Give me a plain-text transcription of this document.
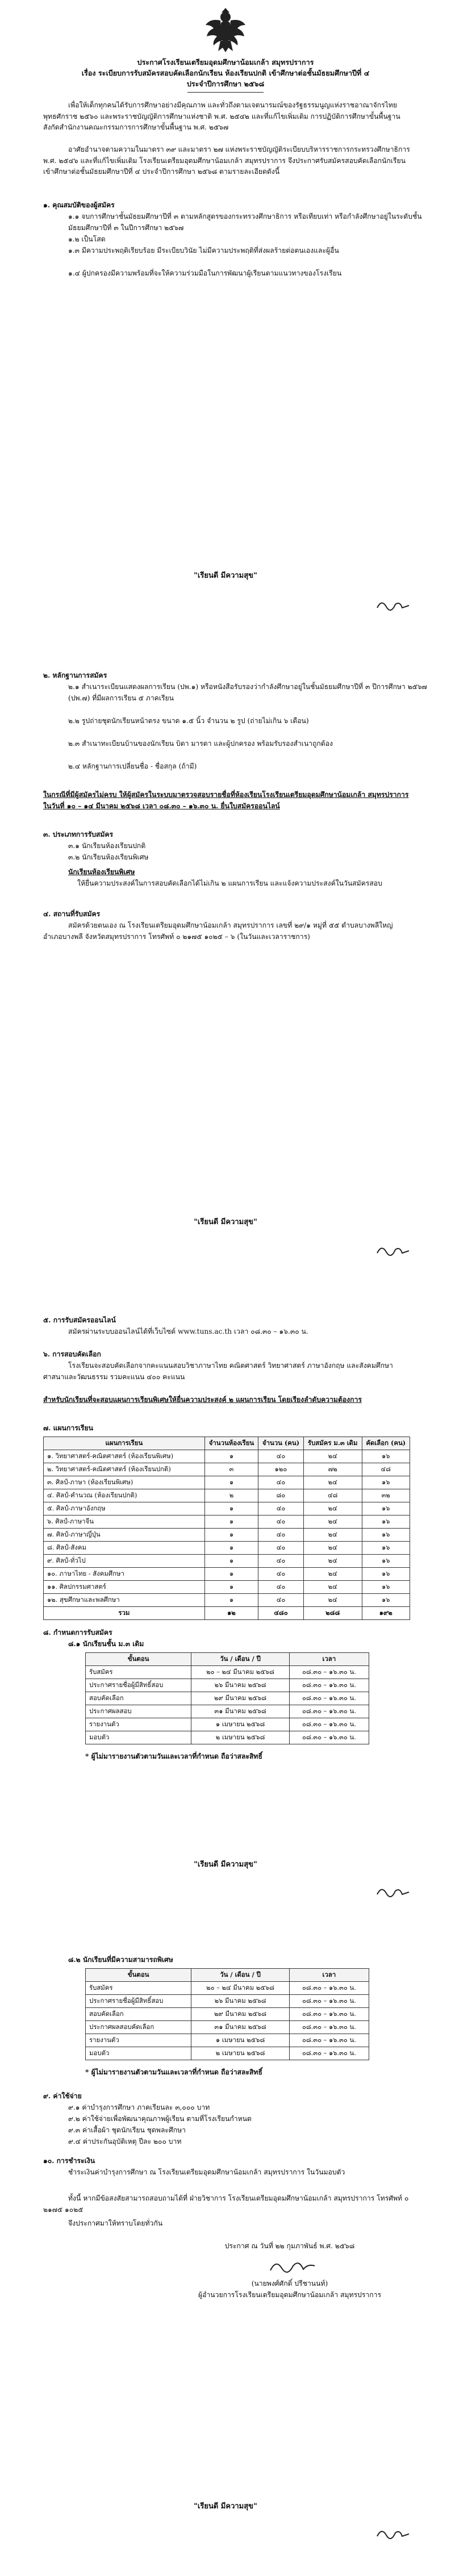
ประกาศโรงเรียนเตรียมอุดมศึกษาน้อมเกล้า สมุทรปราการ
เรื่อง ระเบียบการรับสมัครสอบคัดเลือกนักเรียน ห้องเรียนปกติ เข้าศึกษาต่อชั้นมัธยมศึกษาปีที่ ๔
ประจำปีการศึกษา ๒๕๖๘
เพื่อให้เด็กทุกคนได้รับการศึกษาอย่างมีคุณภาพ และทั่วถึงตามเจตนารมณ์ของรัฐธรรมนูญแห่งราชอาณาจักรไทย พุทธศักราช ๒๕๖๐ และพระราชบัญญัติการศึกษาแห่งชาติ พ.ศ. ๒๕๔๒ และที่แก้ไขเพิ่มเติม การปฏิบัติการศึกษาขั้นพื้นฐานสังกัดสำนักงานคณะกรรมการการศึกษาขั้นพื้นฐาน พ.ศ. ๒๕๖๗
อาศัยอำนาจตามความในมาตรา ๓๙ และมาตรา ๒๗ แห่งพระราชบัญญัติระเบียบบริหารราชการกระทรวงศึกษาธิการ พ.ศ. ๒๕๔๖ และที่แก้ไขเพิ่มเติม โรงเรียนเตรียมอุดมศึกษาน้อมเกล้า สมุทรปราการ จึงประกาศรับสมัครสอบคัดเลือกนักเรียนเข้าศึกษาต่อชั้นมัธยมศึกษาปีที่ ๔ ประจำปีการศึกษา ๒๕๖๘ ตามรายละเอียดดังนี้
๑. คุณสมบัติของผู้สมัคร
๑.๑ จบการศึกษาชั้นมัธยมศึกษาปีที่ ๓ ตามหลักสูตรของกระทรวงศึกษาธิการ หรือเทียบเท่า หรือกำลังศึกษาอยู่ในระดับชั้นมัธยมศึกษาปีที่ ๓ ในปีการศึกษา ๒๕๖๗
๑.๒ เป็นโสด
๑.๓ มีความประพฤติเรียบร้อย มีระเบียบวินัย ไม่มีความประพฤติที่ส่งผลร้ายต่อตนเองและผู้อื่น
๑.๔ ผู้ปกครองมีความพร้อมที่จะให้ความร่วมมือในการพัฒนาผู้เรียนตามแนวทางของโรงเรียน
"เรียนดี มีความสุข"
๒. หลักฐานการสมัคร
๒.๑ สำเนาระเบียนแสดงผลการเรียน (ปพ.๑) หรือหนังสือรับรองว่ากำลังศึกษาอยู่ในชั้นมัธยมศึกษาปีที่ ๓ ปีการศึกษา ๒๕๖๗ (ปพ.๗) ที่มีผลการเรียน ๕ ภาคเรียน
๒.๒ รูปถ่ายชุดนักเรียนหน้าตรง ขนาด ๑.๕ นิ้ว จำนวน ๒ รูป (ถ่ายไม่เกิน ๖ เดือน)
๒.๓ สำเนาทะเบียนบ้านของนักเรียน บิดา มารดา และผู้ปกครอง พร้อมรับรองสำเนาถูกต้อง
๒.๔ หลักฐานการเปลี่ยนชื่อ - ชื่อสกุล (ถ้ามี)
ในกรณีที่มีผู้สมัครไม่ครบ ให้ผู้สมัครในระบบมาตรวจสอบรายชื่อที่ห้องเรียนโรงเรียนเตรียมอุดมศึกษาน้อมเกล้า สมุทรปราการ ในวันที่ ๑๐ – ๑๔ มีนาคม ๒๕๖๘ เวลา ๐๘.๓๐ – ๑๖.๓๐ น. ยื่นใบสมัครออนไลน์
๓. ประเภทการรับสมัคร
๓.๑ นักเรียนห้องเรียนปกติ
๓.๒ นักเรียนห้องเรียนพิเศษ
นักเรียนห้องเรียนพิเศษ
ให้ยื่นความประสงค์ในการสอบคัดเลือกได้ไม่เกิน ๒ แผนการเรียน และแจ้งความประสงค์ในวันสมัครสอบ
๔. สถานที่รับสมัคร
สมัครด้วยตนเอง ณ โรงเรียนเตรียมอุดมศึกษาน้อมเกล้า สมุทรปราการ เลขที่ ๒๙/๑ หมู่ที่ ๕๕ ตำบลบางพลีใหญ่ อำเภอบางพลี จังหวัดสมุทรปราการ โทรศัพท์ ๐ ๒๑๗๕ ๑๐๒๕ – ๖ (ในวันและเวลาราชการ)
"เรียนดี มีความสุข"
๕. การรับสมัครออนไลน์
สมัครผ่านระบบออนไลน์ได้ที่เว็บไซต์ www.tuns.ac.th เวลา ๐๘.๓๐ – ๑๖.๓๐ น.
๖. การสอบคัดเลือก
โรงเรียนจะสอบคัดเลือกจากคะแนนสอบวิชาภาษาไทย คณิตศาสตร์ วิทยาศาสตร์ ภาษาอังกฤษ และสังคมศึกษา ศาสนาและวัฒนธรรม รวมคะแนน ๔๐๐ คะแนน
สำหรับนักเรียนที่จะสอบแผนการเรียนพิเศษให้ยื่นความประสงค์ ๒ แผนการเรียน โดยเรียงลำดับความต้องการ
๗. แผนการเรียน
แผนการเรียน	จำนวนห้องเรียน	จำนวน (คน)	รับสมัคร ม.๓ เดิม	คัดเลือก (คน)
๑. วิทยาศาสตร์-คณิตศาสตร์ (ห้องเรียนพิเศษ)	๑	๔๐	๒๔	๑๖
๒. วิทยาศาสตร์-คณิตศาสตร์ (ห้องเรียนปกติ)	๓	๑๒๐	๗๒	๔๘
๓. ศิลป์-ภาษา (ห้องเรียนพิเศษ)	๑	๔๐	๒๔	๑๖
๔. ศิลป์-คำนวณ (ห้องเรียนปกติ)	๒	๘๐	๔๘	๓๒
๕. ศิลป์-ภาษาอังกฤษ	๑	๔๐	๒๔	๑๖
๖. ศิลป์-ภาษาจีน	๑	๔๐	๒๔	๑๖
๗. ศิลป์-ภาษาญี่ปุ่น	๑	๔๐	๒๔	๑๖
๘. ศิลป์-สังคม	๑	๔๐	๒๔	๑๖
๙. ศิลป์-ทั่วไป	๑	๔๐	๒๔	๑๖
๑๐. ภาษาไทย - สังคมศึกษา	๑	๔๐	๒๔	๑๖
๑๑. ศิลปกรรมศาสตร์	๑	๔๐	๒๔	๑๖
๑๒. สุขศึกษาและพลศึกษา	๑	๔๐	๒๔	๑๖
รวม	๑๒	๔๘๐	๒๘๘	๑๙๒
๘. กำหนดการรับสมัคร
๘.๑ นักเรียนชั้น ม.๓ เดิม
ขั้นตอน	วัน / เดือน / ปี	เวลา
รับสมัคร	๒๐ – ๒๔ มีนาคม ๒๕๖๘	๐๘.๓๐ – ๑๖.๓๐ น.
ประกาศรายชื่อผู้มีสิทธิ์สอบ	๒๖ มีนาคม ๒๕๖๘	๐๘.๓๐ – ๑๖.๓๐ น.
สอบคัดเลือก	๒๙ มีนาคม ๒๕๖๘	๐๘.๓๐ – ๑๖.๓๐ น.
ประกาศผลสอบ	๓๑ มีนาคม ๒๕๖๘	๐๘.๓๐ – ๑๖.๓๐ น.
รายงานตัว	๑ เมษายน ๒๕๖๘	๐๘.๓๐ – ๑๖.๓๐ น.
มอบตัว	๒ เมษายน ๒๕๖๘	๐๘.๓๐ – ๑๖.๓๐ น.
* ผู้ไม่มารายงานตัวตามวันและเวลาที่กำหนด ถือว่าสละสิทธิ์
"เรียนดี มีความสุข"
๘.๒ นักเรียนที่มีความสามารถพิเศษ
ขั้นตอน	วัน / เดือน / ปี	เวลา
รับสมัคร	๒๐ – ๒๔ มีนาคม ๒๕๖๘	๐๘.๓๐ – ๑๖.๓๐ น.
ประกาศรายชื่อผู้มีสิทธิ์สอบ	๒๖ มีนาคม ๒๕๖๘	๐๘.๓๐ – ๑๖.๓๐ น.
สอบคัดเลือก	๒๙ มีนาคม ๒๕๖๘	๐๘.๓๐ – ๑๖.๓๐ น.
ประกาศผลสอบคัดเลือก	๓๑ มีนาคม ๒๕๖๘	๐๘.๓๐ – ๑๖.๓๐ น.
รายงานตัว	๑ เมษายน ๒๕๖๘	๐๘.๓๐ – ๑๖.๓๐ น.
มอบตัว	๒ เมษายน ๒๕๖๘	๐๘.๓๐ – ๑๖.๓๐ น.
* ผู้ไม่มารายงานตัวตามวันและเวลาที่กำหนด ถือว่าสละสิทธิ์
๙. ค่าใช้จ่าย
๙.๑ ค่าบำรุงการศึกษา ภาคเรียนละ ๓,๐๐๐ บาท
๙.๒ ค่าใช้จ่ายเพื่อพัฒนาคุณภาพผู้เรียน ตามที่โรงเรียนกำหนด
๙.๓ ค่าเสื้อผ้า ชุดนักเรียน ชุดพละศึกษา
๙.๔ ค่าประกันอุบัติเหตุ ปีละ ๒๐๐ บาท
๑๐. การชำระเงิน
ชำระเงินค่าบำรุงการศึกษา ณ โรงเรียนเตรียมอุดมศึกษาน้อมเกล้า สมุทรปราการ ในวันมอบตัว
ทั้งนี้ หากมีข้อสงสัยสามารถสอบถามได้ที่ ฝ่ายวิชาการ โรงเรียนเตรียมอุดมศึกษาน้อมเกล้า สมุทรปราการ โทรศัพท์ ๐ ๒๑๗๕ ๑๐๒๕
จึงประกาศมาให้ทราบโดยทั่วกัน
ประกาศ ณ วันที่ ๒๒ กุมภาพันธ์ พ.ศ. ๒๕๖๘
(นายพงศ์ศักดิ์ ปรีชานนท์)
ผู้อำนวยการโรงเรียนเตรียมอุดมศึกษาน้อมเกล้า สมุทรปราการ
"เรียนดี มีความสุข"
